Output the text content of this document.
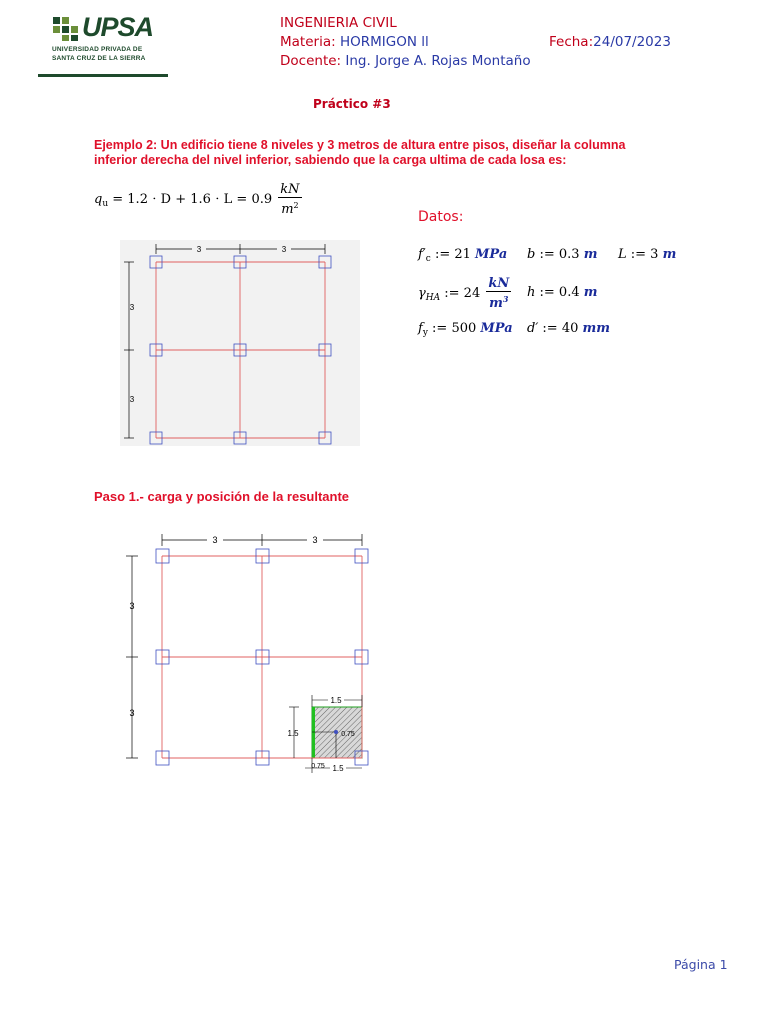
UPSA
UNIVERSIDAD PRIVADA DE
SANTA CRUZ DE LA SIERRA
INGENIERIA CIVIL
Materia: HORMIGON ll	Fecha:24/07/2023
Docente: Ing. Jorge A. Rojas Montaño
Práctico #3
Ejemplo 2: Un edificio tiene 8 niveles y 3 metros de altura entre pisos, diseñar la columna
inferior derecha del nivel inferior, sabiendo que la carga ultima de cada losa es:
$q_u = 1.2 \cdot D + 1.6 \cdot L = 0.9 \frac{kN}{m^2}$	Datos:
$f'_c$ := 21 MPa b := 0.3 m L := 3 m
$\gamma_{HA}$ := $24 \frac{kN}{m^3}$ h := 0.4 m
$f_y$ := 500 MPa d′ := 40 mm
3	3
3
3
Paso 1.- carga y posición de la resultante
3	3
3
3
1.5
1.5
1.5
0.75
0.75
Página 1
